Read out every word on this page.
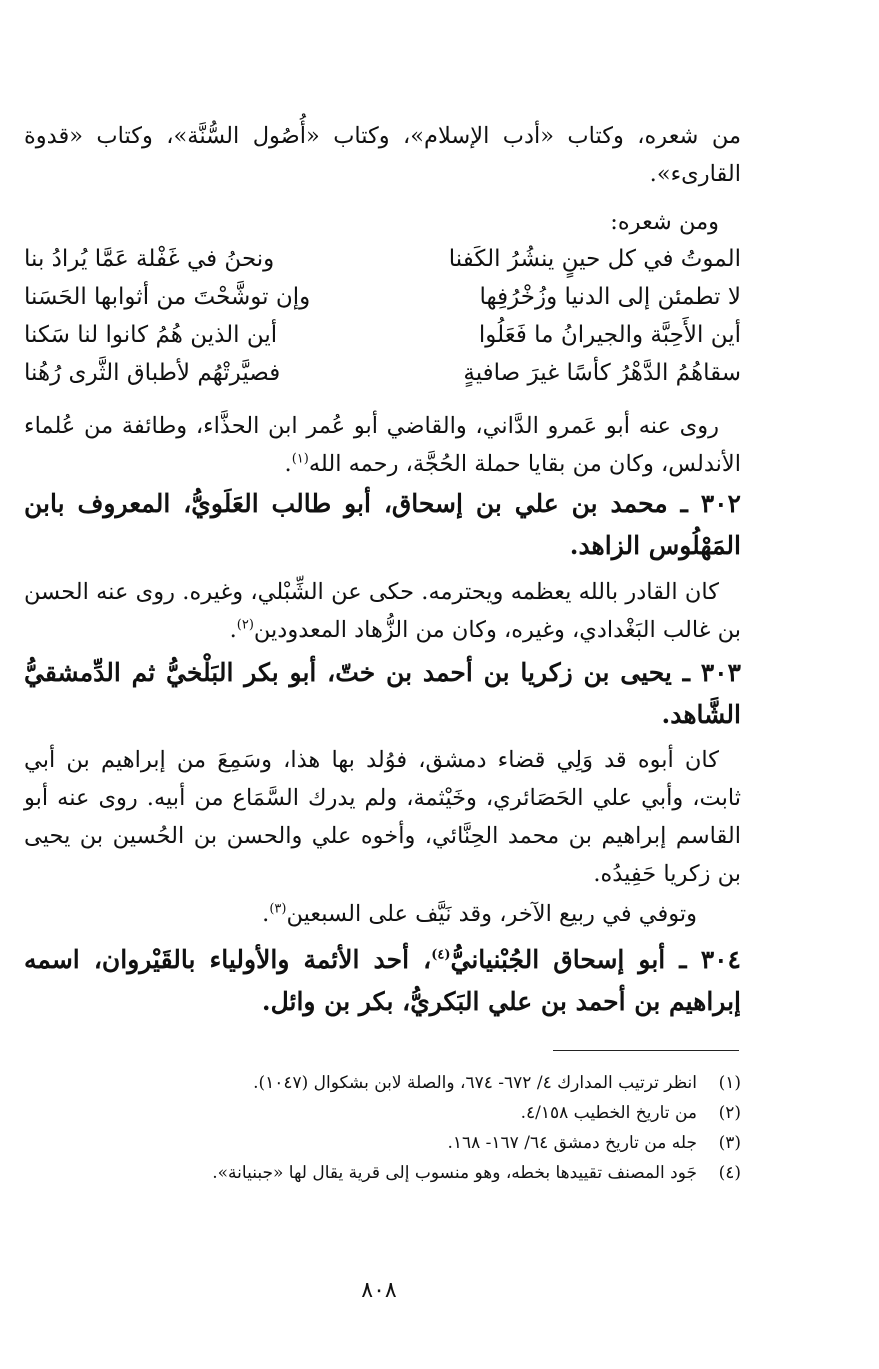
من شعره، وكتاب «أدب الإسلام»، وكتاب «أُصُول السُّنَّة»، وكتاب «قدوة القارىء».

ومن شعره:

الموتُ في كل حينٍ ينشُرُ الكَفنا
ونحنُ في غَفْلة عَمَّا يُرادُ بنا
لا تطمئن إلى الدنيا وزُخْرُفِها
وإن توشَّحْتَ من أثوابها الحَسَنا
أين الأَحِبَّة والجيرانُ ما فَعَلُوا
أين الذين هُمُ كانوا لنا سَكنا
سقاهُمُ الدَّهْرُ كأسًا غيرَ صافيةٍ
فصيَّرتْهُم لأطباق الثَّرى رُهُنا

روى عنه أبو عَمرو الدَّاني، والقاضي أبو عُمر ابن الحذَّاء، وطائفة من عُلماء الأندلس، وكان من بقايا حملة الحُجَّة، رحمه الله$^{(١)}$.

٣٠٢ ـ محمد بن علي بن إسحاق، أبو طالب العَلَويُّ، المعروف بابن المَهْلُوس الزاهد.

كان القادر بالله يعظمه ويحترمه. حكى عن الشِّبْلي، وغيره. روى عنه الحسن بن غالب البَغْدادي، وغيره، وكان من الزُّهاد المعدودين$^{(٢)}$.

٣٠٣ ـ يحيى بن زكريا بن أحمد بن ختّ، أبو بكر البَلْخيُّ ثم الدِّمشقيُّ الشَّاهد.

كان أبوه قد وَلِي قضاء دمشق، فوُلد بها هذا، وسَمِعَ من إبراهيم بن أبي ثابت، وأبي علي الحَصَائري، وخَيْثمة، ولم يدرك السَّمَاع من أبيه. روى عنه أبو القاسم إبراهيم بن محمد الحِنَّائي، وأخوه علي والحسن بن الحُسين بن يحيى بن زكريا حَفِيدُه.

وتوفي في ربيع الآخر، وقد نَيَّف على السبعين$^{(٣)}$.

٣٠٤ ـ أبو إسحاق الجُبْنيانيُّ$^{(٤)}$، أحد الأئمة والأولياء بالقَيْروان، اسمه إبراهيم بن أحمد بن علي البَكريُّ، بكر بن وائل.

(١)
انظر ترتيب المدارك ٤/ ٦٧٢- ٦٧٤، والصلة لابن بشكوال (١٠٤٧).
(٢)
من تاريخ الخطيب ٤/١٥٨.
(٣)
جله من تاريخ دمشق ٦٤/ ١٦٧- ١٦٨.
(٤)
جَود المصنف تقييدها بخطه، وهو منسوب إلى قرية يقال لها «جبنيانة».
٨٠٨
